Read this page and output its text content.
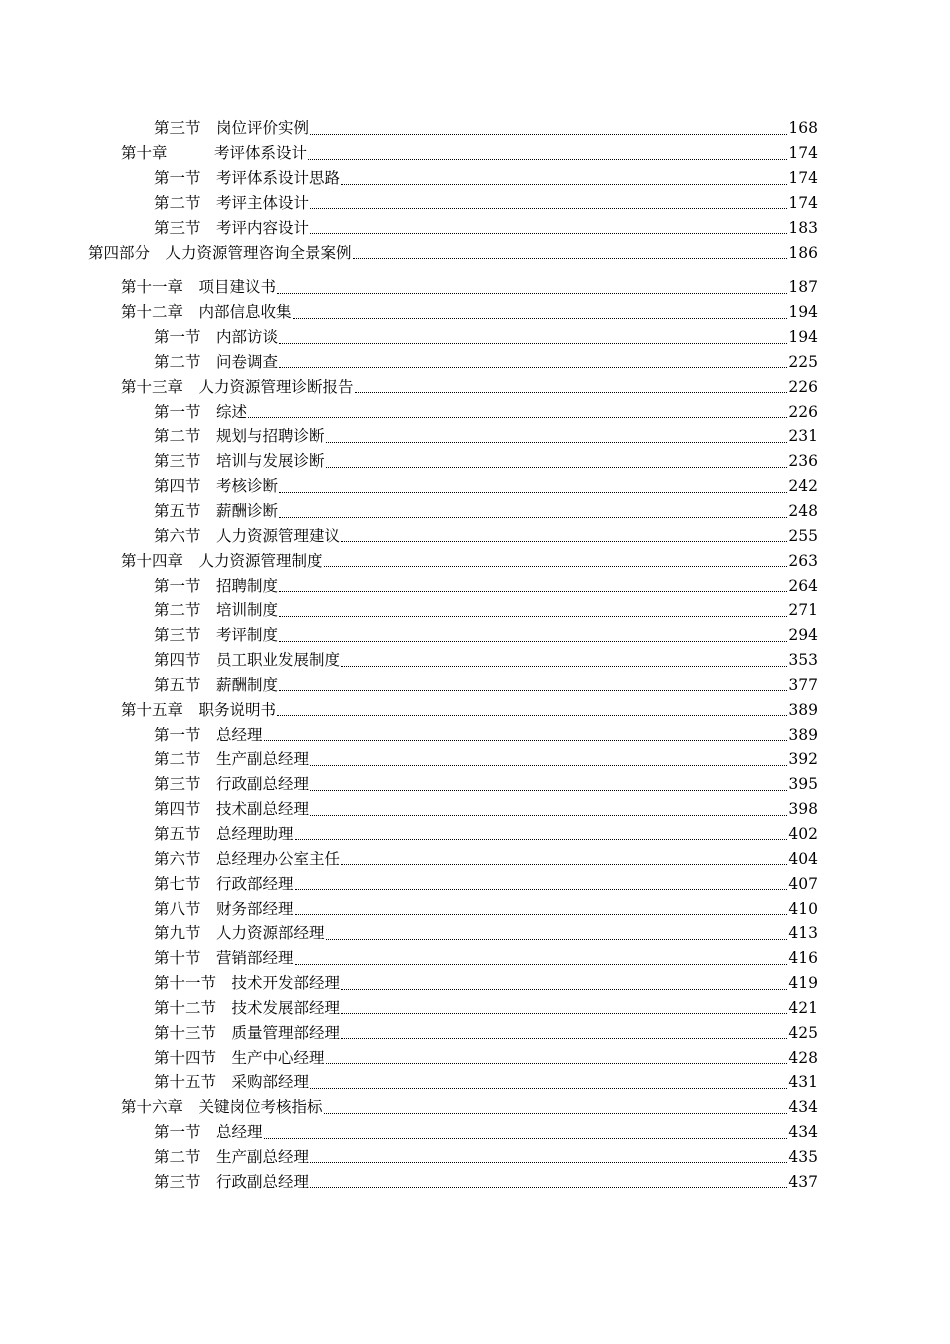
第三节　岗位评价实例	168
第十章　　　考评体系设计	174
第一节　考评体系设计思路	174
第二节　考评主体设计	174
第三节　考评内容设计	183
第四部分　人力资源管理咨询全景案例	186
第十一章　项目建议书	187
第十二章　内部信息收集	194
第一节　内部访谈	194
第二节　问卷调查	225
第十三章　人力资源管理诊断报告	226
第一节　综述	226
第二节　规划与招聘诊断	231
第三节　培训与发展诊断	236
第四节　考核诊断	242
第五节　薪酬诊断	248
第六节　人力资源管理建议	255
第十四章　人力资源管理制度	263
第一节　招聘制度	264
第二节　培训制度	271
第三节　考评制度	294
第四节　员工职业发展制度	353
第五节　薪酬制度	377
第十五章　职务说明书	389
第一节　总经理	389
第二节　生产副总经理	392
第三节　行政副总经理	395
第四节　技术副总经理	398
第五节　总经理助理	402
第六节　总经理办公室主任	404
第七节　行政部经理	407
第八节　财务部经理	410
第九节　人力资源部经理	413
第十节　营销部经理	416
第十一节　技术开发部经理	419
第十二节　技术发展部经理	421
第十三节　质量管理部经理	425
第十四节　生产中心经理	428
第十五节　采购部经理	431
第十六章　关键岗位考核指标	434
第一节　总经理	434
第二节　生产副总经理	435
第三节　行政副总经理	437
